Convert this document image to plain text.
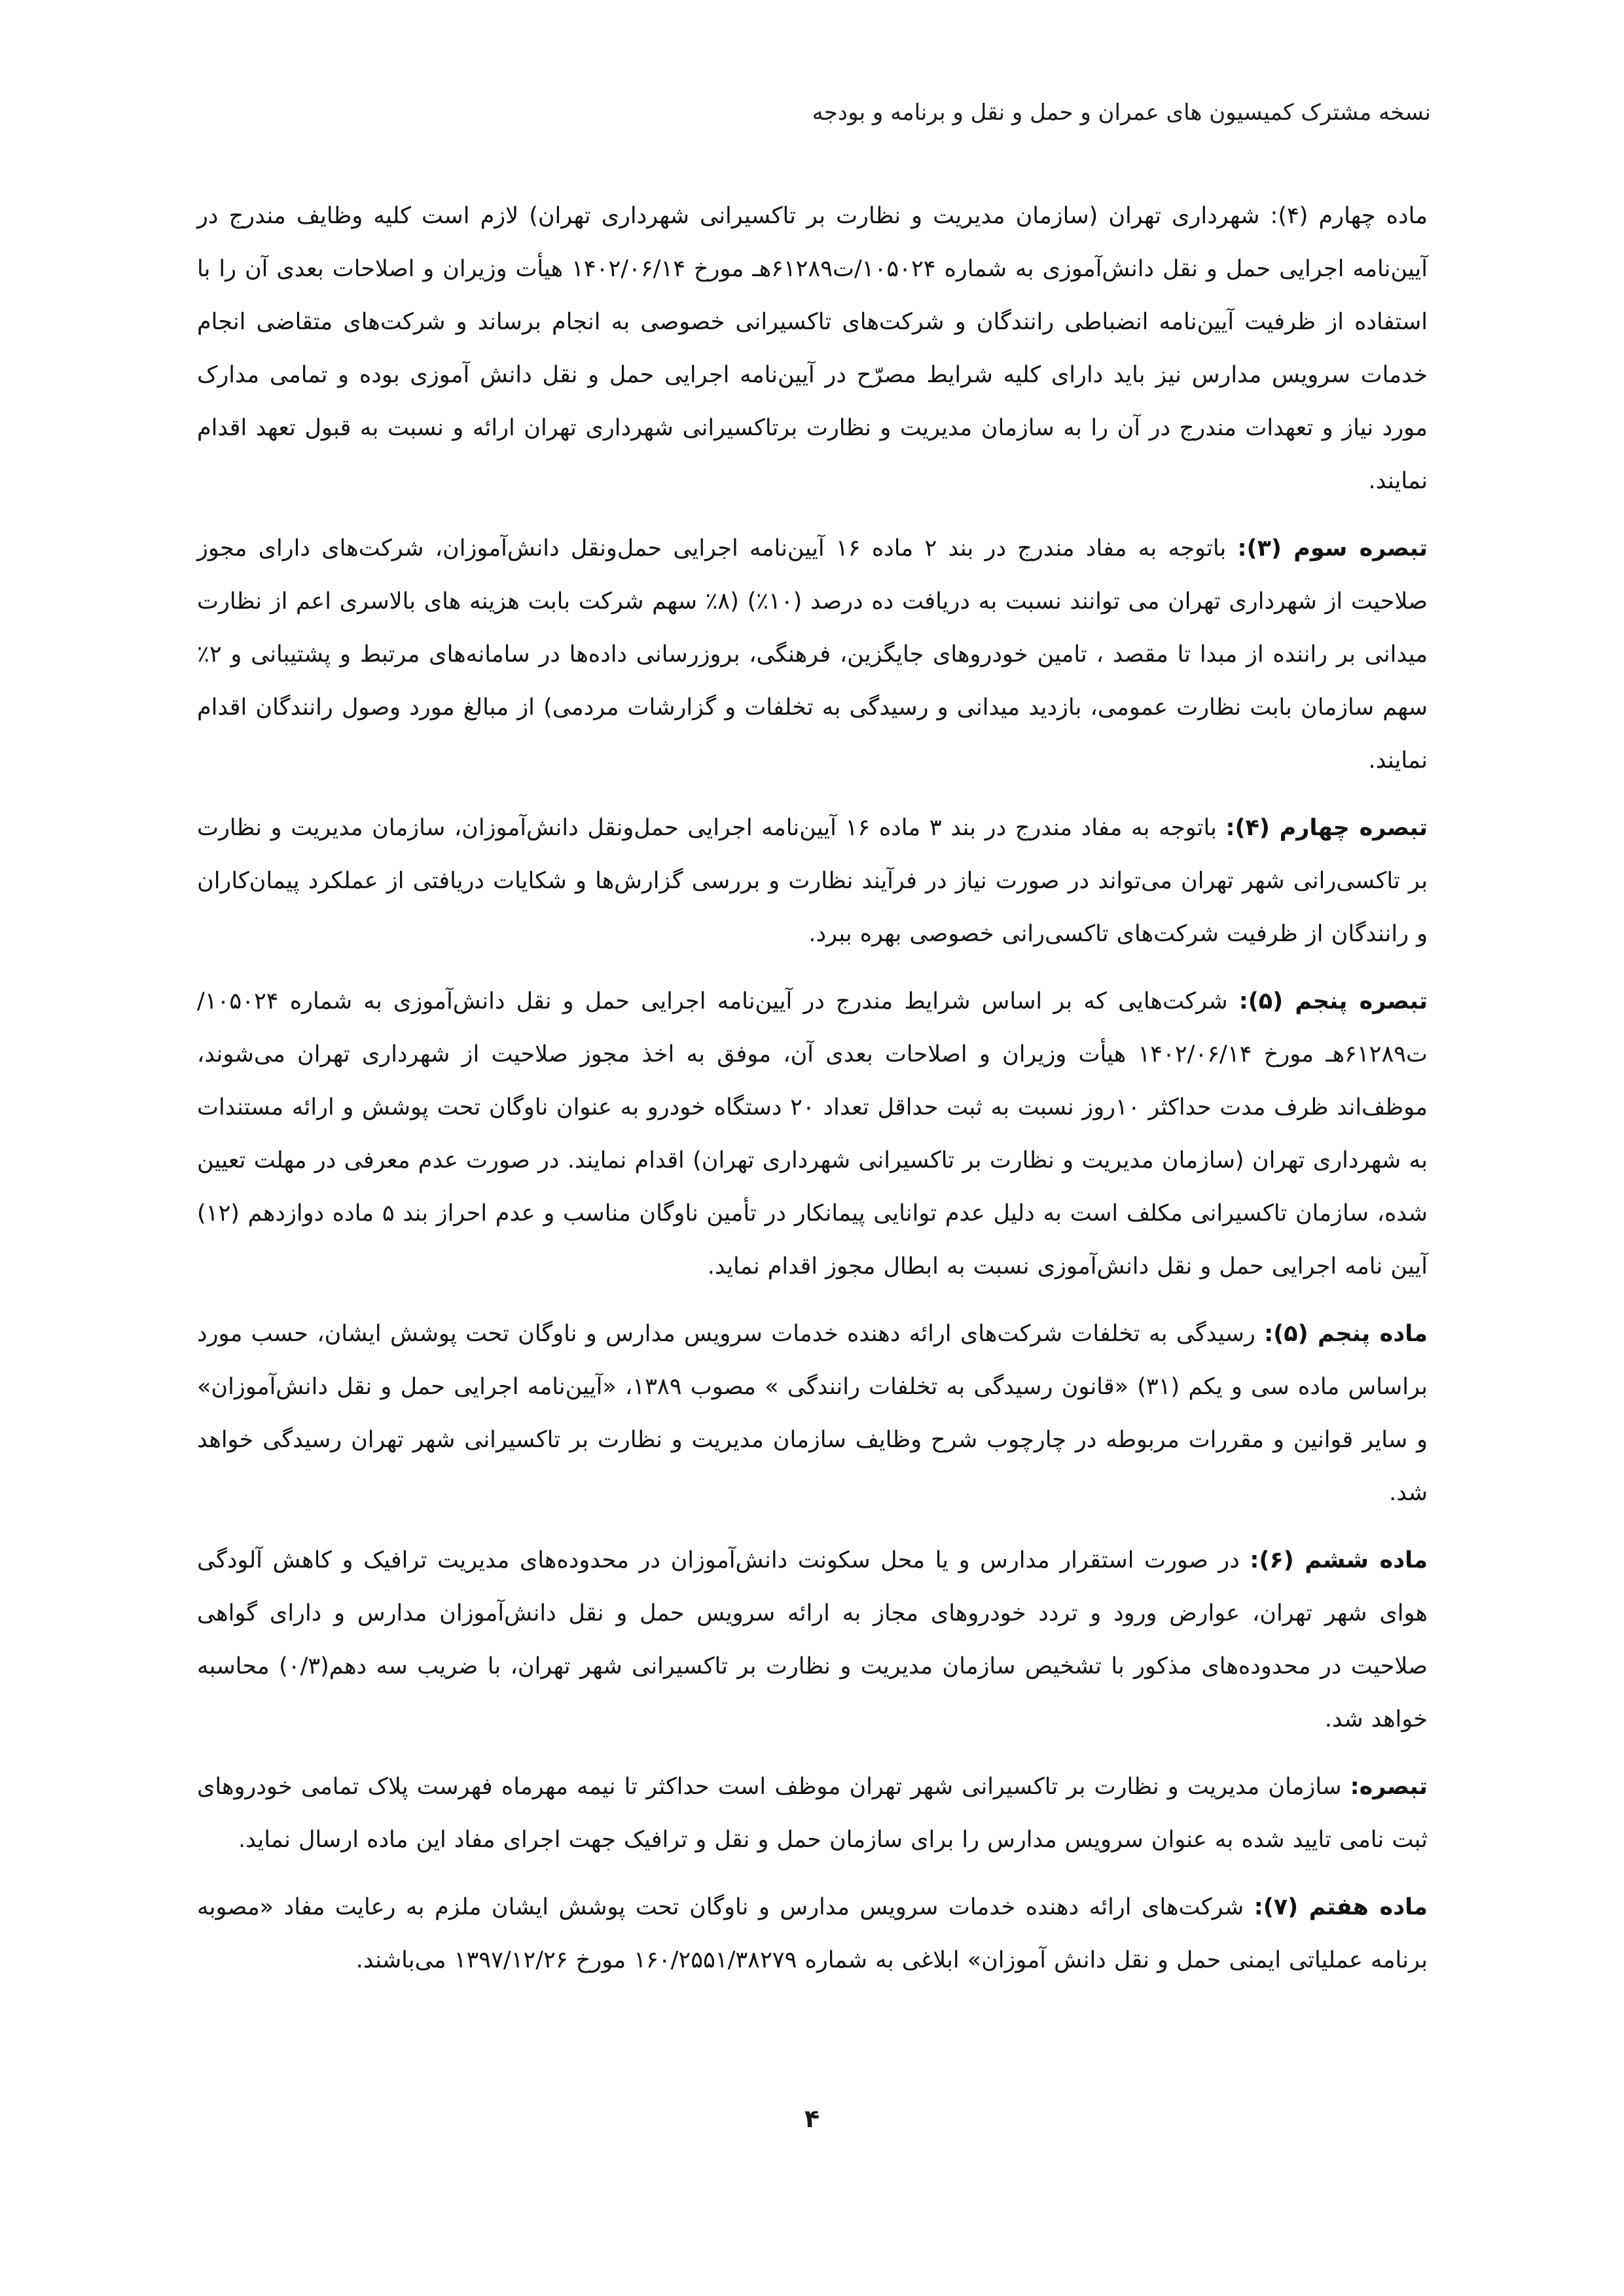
نسخه مشترک کمیسیون های عمران و حمل و نقل و برنامه و بودجه

ماده چهارم (۴): شهرداری تهران (سازمان مدیریت و نظارت بر تاکسیرانی شهرداری تهران) لازم است کلیه وظایف مندرج در آیین‌نامه اجرایی حمل و نقل دانش‌آموزی به شماره ۱۰۵۰۲۴/ت۶۱۲۸۹هـ مورخ ۱۴۰۲/۰۶/۱۴ هیأت وزیران و اصلاحات بعدی آن را با استفاده از ظرفیت آیین‌نامه انضباطی رانندگان و شرکت‌های تاکسیرانی خصوصی به انجام برساند و شرکت‌های متقاضی انجام خدمات سرویس مدارس نیز باید دارای کلیه شرایط مصرّح در آیین‌نامه اجرایی حمل و نقل دانش آموزی بوده و تمامی مدارک مورد نیاز و تعهدات مندرج در آن را به سازمان مدیریت و نظارت برتاکسیرانی شهرداری تهران ارائه و نسبت به قبول تعهد اقدام نمایند.

تبصره سوم (۳): باتوجه به مفاد مندرج در بند ۲ ماده ۱۶ آیین‌نامه اجرایی حمل‌ونقل دانش‌آموزان، شرکت‌های دارای مجوز صلاحیت از شهرداری تهران می توانند نسبت به دریافت ده درصد (۱۰٪) (۸٪ سهم شرکت بابت هزینه های بالاسری اعم از نظارت میدانی بر راننده از مبدا تا مقصد ، تامین خودروهای جایگزین، فرهنگی، بروزرسانی داده‌ها در سامانه‌های مرتبط و پشتیبانی و ۲٪ سهم سازمان بابت نظارت عمومی، بازدید میدانی و رسیدگی به تخلفات و گزارشات مردمی) از مبالغ مورد وصول رانندگان اقدام نمایند.

تبصره چهارم (۴): باتوجه به مفاد مندرج در بند ۳ ماده ۱۶ آیین‌نامه اجرایی حمل‌ونقل دانش‌آموزان، سازمان مدیریت و نظارت بر تاکسی‌رانی شهر تهران می‌تواند در صورت نیاز در فرآیند نظارت و بررسی گزارش‌ها و شکایات دریافتی از عملکرد پیمان‌کاران و رانندگان از ظرفیت شرکت‌های تاکسی‌رانی خصوصی بهره ببرد.

تبصره پنجم (۵): شرکت‌هایی که بر اساس شرایط مندرج در آیین‌نامه اجرایی حمل و نقل دانش‌آموزی به شماره ۱۰۵۰۲۴/ت۶۱۲۸۹هـ مورخ ۱۴۰۲/۰۶/۱۴ هیأت وزیران و اصلاحات بعدی آن، موفق به اخذ مجوز صلاحیت از شهرداری تهران می‌شوند، موظف‌اند ظرف مدت حداکثر ۱۰روز نسبت به ثبت حداقل تعداد ۲۰ دستگاه خودرو به عنوان ناوگان تحت پوشش و ارائه مستندات به شهرداری تهران (سازمان مدیریت و نظارت بر تاکسیرانی شهرداری تهران) اقدام نمایند. در صورت عدم معرفی در مهلت تعیین شده، سازمان تاکسیرانی مکلف است به دلیل عدم توانایی پیمانکار در تأمین ناوگان مناسب و عدم احراز بند ۵ ماده دوازدهم (۱۲) آیین نامه اجرایی حمل و نقل دانش‌آموزی نسبت به ابطال مجوز اقدام نماید.

ماده پنجم (۵): رسیدگی به تخلفات شرکت‌های ارائه دهنده خدمات سرویس مدارس و ناوگان تحت پوشش ایشان، حسب مورد براساس ماده سی و یکم (۳۱) «قانون رسیدگی به تخلفات رانندگی » مصوب ۱۳۸۹، «آیین‌نامه اجرایی حمل و نقل دانش‌آموزان» و سایر قوانین و مقررات مربوطه در چارچوب شرح وظایف سازمان مدیریت و نظارت بر تاکسیرانی شهر تهران رسیدگی خواهد شد.

ماده ششم (۶): در صورت استقرار مدارس و یا محل سکونت دانش‌آموزان در محدوده‌های مدیریت ترافیک و کاهش آلودگی هوای شهر تهران، عوارض ورود و تردد خودروهای مجاز به ارائه سرویس حمل و نقل دانش‌آموزان مدارس و دارای گواهی صلاحیت در محدوده‌های مذکور با تشخیص سازمان مدیریت و نظارت بر تاکسیرانی شهر تهران، با ضریب سه دهم(۰/۳) محاسبه خواهد شد.

تبصره: سازمان مدیریت و نظارت بر تاکسیرانی شهر تهران موظف است حداکثر تا نیمه مهرماه فهرست پلاک تمامی خودروهای ثبت نامی تایید شده به عنوان سرویس مدارس را برای سازمان حمل و نقل و ترافیک جهت اجرای مفاد این ماده ارسال نماید.

ماده هفتم (۷): شرکت‌های ارائه دهنده خدمات سرویس مدارس و ناوگان تحت پوشش ایشان ملزم به رعایت مفاد «مصوبه برنامه عملیاتی ایمنی حمل و نقل دانش آموزان» ابلاغی به شماره ۱۶۰/۲۵۵۱/۳۸۲۷۹ مورخ ۱۳۹۷/۱۲/۲۶ می‌باشند.

۴
